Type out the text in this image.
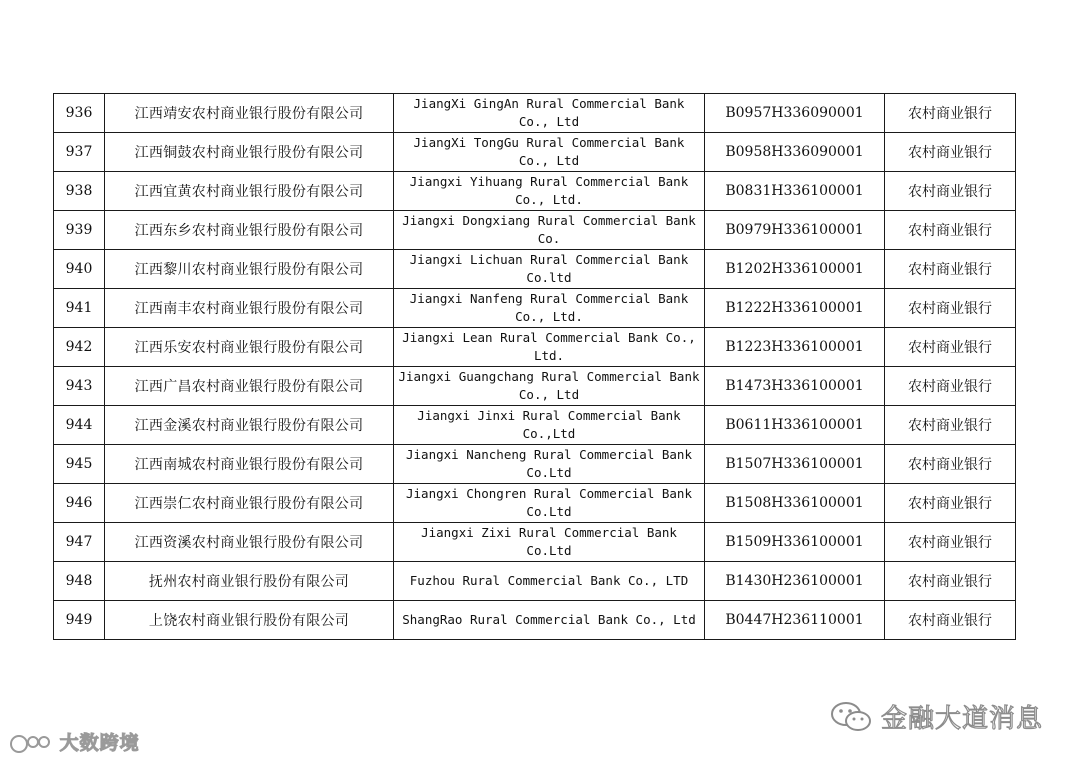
936	江西靖安农村商业银行股份有限公司	JiangXi GingAn Rural Commercial Bank
Co., Ltd	B0957H336090001	农村商业银行
937	江西铜鼓农村商业银行股份有限公司	JiangXi TongGu Rural Commercial Bank
Co., Ltd	B0958H336090001	农村商业银行
938	江西宜黄农村商业银行股份有限公司	Jiangxi Yihuang Rural Commercial Bank
Co., Ltd.	B0831H336100001	农村商业银行
939	江西东乡农村商业银行股份有限公司	Jiangxi Dongxiang Rural Commercial Bank
Co.	B0979H336100001	农村商业银行
940	江西黎川农村商业银行股份有限公司	Jiangxi Lichuan Rural Commercial Bank
Co.ltd	B1202H336100001	农村商业银行
941	江西南丰农村商业银行股份有限公司	Jiangxi Nanfeng Rural Commercial Bank
Co., Ltd.	B1222H336100001	农村商业银行
942	江西乐安农村商业银行股份有限公司	Jiangxi Lean Rural Commercial Bank Co.,
Ltd.	B1223H336100001	农村商业银行
943	江西广昌农村商业银行股份有限公司	Jiangxi Guangchang Rural Commercial Bank
Co., Ltd	B1473H336100001	农村商业银行
944	江西金溪农村商业银行股份有限公司	Jiangxi Jinxi Rural Commercial Bank
Co.,Ltd	B0611H336100001	农村商业银行
945	江西南城农村商业银行股份有限公司	Jiangxi Nancheng Rural Commercial Bank
Co.Ltd	B1507H336100001	农村商业银行
946	江西崇仁农村商业银行股份有限公司	Jiangxi Chongren Rural Commercial Bank
Co.Ltd	B1508H336100001	农村商业银行
947	江西资溪农村商业银行股份有限公司	Jiangxi Zixi Rural Commercial Bank
Co.Ltd	B1509H336100001	农村商业银行
948	抚州农村商业银行股份有限公司	Fuzhou Rural Commercial Bank Co., LTD	B1430H236100001	农村商业银行
949	上饶农村商业银行股份有限公司	ShangRao Rural Commercial Bank Co., Ltd	B0447H236110001	农村商业银行
大数跨境
金融大道消息
